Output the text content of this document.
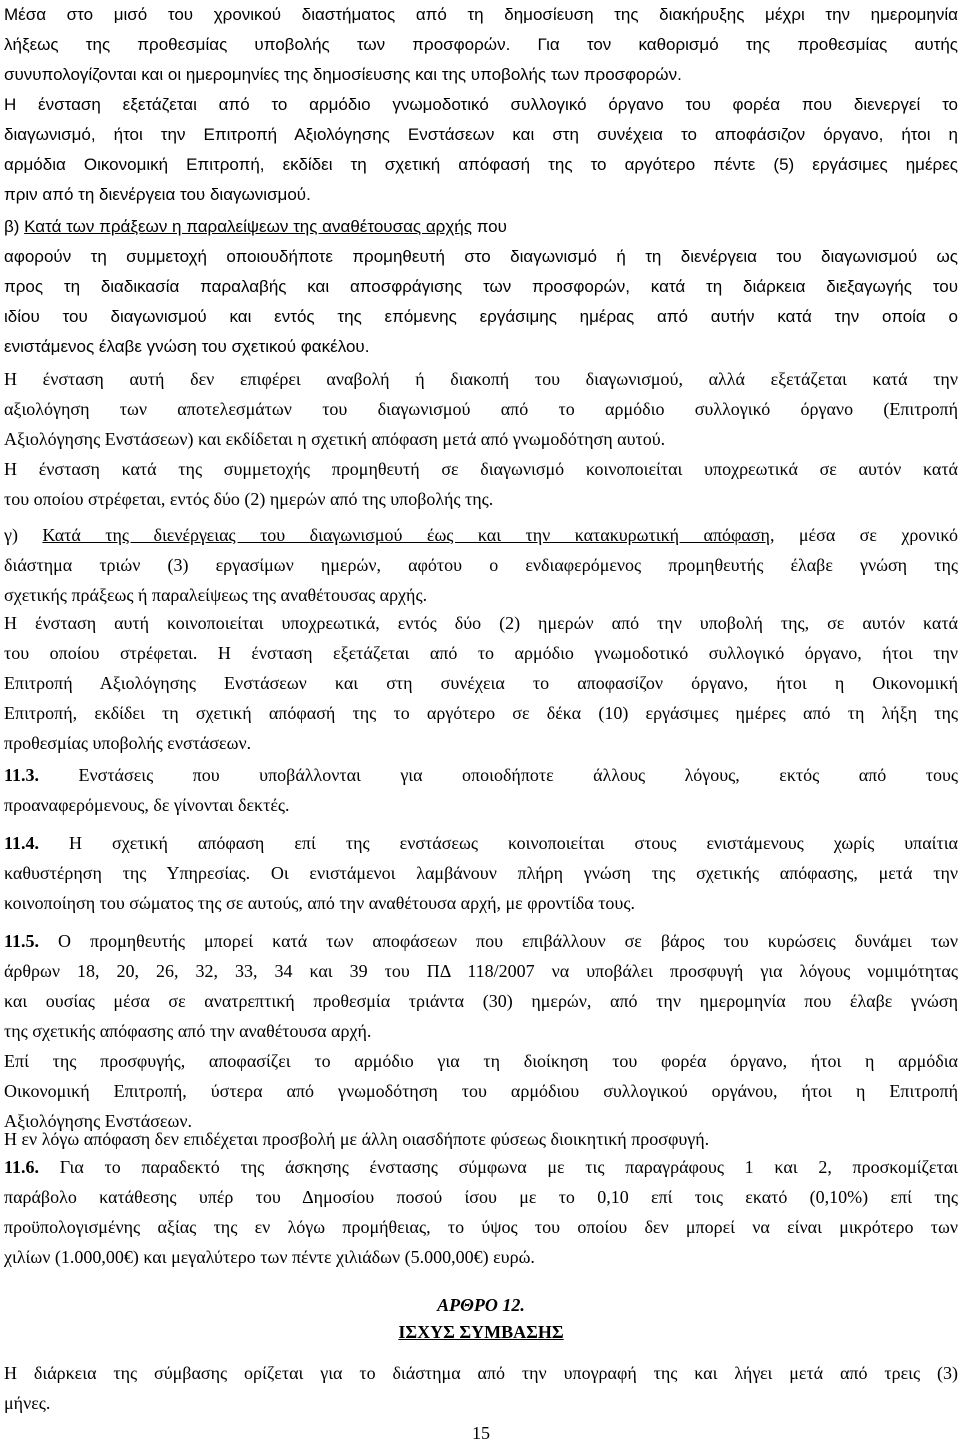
Μέσα στο μισό του χρονικού διαστήματος από τη δημοσίευση της διακήρυξης μέχρι την ημερομηνία
λήξεως της προθεσμίας υποβολής των προσφορών. Για τον καθορισμό της προθεσμίας αυτής
συνυπολογίζονται και οι ημερομηνίες της δημοσίευσης και της υποβολής των προσφορών.
Η ένσταση εξετάζεται από το αρμόδιο γνωμοδοτικό συλλογικό όργανο του φορέα που διενεργεί το
διαγωνισμό, ήτοι την Επιτροπή Αξιολόγησης Ενστάσεων και στη συνέχεια το αποφάσιζον όργανο, ήτοι η
αρμόδια Οικονομική Επιτροπή, εκδίδει τη σχετική απόφασή της το αργότερο πέντε (5) εργάσιμες ημέρες
πριν από τη διενέργεια του διαγωνισμού.
β) Κατά των πράξεων η παραλείψεων της αναθέτουσας αρχής που
αφορούν τη συμμετοχή οποιουδήποτε προμηθευτή στο διαγωνισμό ή τη διενέργεια του διαγωνισμού ως
προς τη διαδικασία παραλαβής και αποσφράγισης των προσφορών, κατά τη διάρκεια διεξαγωγής του
ιδίου του διαγωνισμού και εντός της επόμενης εργάσιμης ημέρας από αυτήν κατά την οποία ο
ενιστάμενος έλαβε γνώση του σχετικού φακέλου.
Η ένσταση αυτή δεν επιφέρει αναβολή ή διακοπή του διαγωνισμού, αλλά εξετάζεται κατά την
αξιολόγηση των αποτελεσμάτων του διαγωνισμού από το αρμόδιο συλλογικό όργανο (Επιτροπή
Αξιολόγησης Ενστάσεων) και εκδίδεται η σχετική απόφαση μετά από γνωμοδότηση αυτού.
Η ένσταση κατά της συμμετοχής προμηθευτή σε διαγωνισμό κοινοποιείται υποχρεωτικά σε αυτόν κατά
του οποίου στρέφεται, εντός δύο (2) ημερών από της υποβολής της.
γ) Κατά της διενέργειας του διαγωνισμού έως και την κατακυρωτική απόφαση, μέσα σε χρονικό
διάστημα τριών (3) εργασίμων ημερών, αφότου ο ενδιαφερόμενος προμηθευτής έλαβε γνώση της
σχετικής πράξεως ή παραλείψεως της αναθέτουσας αρχής.
Η ένσταση αυτή κοινοποιείται υποχρεωτικά, εντός δύο (2) ημερών από την υποβολή της, σε αυτόν κατά
του οποίου στρέφεται. Η ένσταση εξετάζεται από το αρμόδιο γνωμοδοτικό συλλογικό όργανο, ήτοι την
Επιτροπή Αξιολόγησης Ενστάσεων και στη συνέχεια το αποφασίζον όργανο, ήτοι η Οικονομική
Επιτροπή, εκδίδει τη σχετική απόφασή της το αργότερο σε δέκα (10) εργάσιμες ημέρες από τη λήξη της
προθεσμίας υποβολής ενστάσεων.
11.3. Ενστάσεις που υποβάλλονται για οποιοδήποτε άλλους λόγους, εκτός από τους
προαναφερόμενους, δε γίνονται δεκτές.
11.4. Η σχετική απόφαση επί της ενστάσεως κοινοποιείται στους ενιστάμενους χωρίς υπαίτια
καθυστέρηση της Υπηρεσίας. Οι ενιστάμενοι λαμβάνουν πλήρη γνώση της σχετικής απόφασης, μετά την
κοινοποίηση του σώματος της σε αυτούς, από την αναθέτουσα αρχή, με φροντίδα τους.
11.5. Ο προμηθευτής μπορεί κατά των αποφάσεων που επιβάλλουν σε βάρος του κυρώσεις δυνάμει των
άρθρων 18, 20, 26, 32, 33, 34 και 39 του ΠΔ 118/2007 να υποβάλει προσφυγή για λόγους νομιμότητας
και ουσίας μέσα σε ανατρεπτική προθεσμία τριάντα (30) ημερών, από την ημερομηνία που έλαβε γνώση
της σχετικής απόφασης από την αναθέτουσα αρχή.
Επί της προσφυγής, αποφασίζει το αρμόδιο για τη διοίκηση του φορέα όργανο, ήτοι η αρμόδια
Οικονομική Επιτροπή, ύστερα από γνωμοδότηση του αρμόδιου συλλογικού οργάνου, ήτοι η Επιτροπή
Αξιολόγησης Ενστάσεων.
Η εν λόγω απόφαση δεν επιδέχεται προσβολή με άλλη οιασδήποτε φύσεως διοικητική προσφυγή.
11.6. Για το παραδεκτό της άσκησης ένστασης σύμφωνα με τις παραγράφους 1 και 2, προσκομίζεται
παράβολο κατάθεσης υπέρ του Δημοσίου ποσού ίσου με το 0,10 επί τοις εκατό (0,10%) επί της
προϋπολογισμένης αξίας της εν λόγω προμήθειας, το ύψος του οποίου δεν μπορεί να είναι μικρότερο των
χιλίων (1.000,00€) και μεγαλύτερο των πέντε χιλιάδων (5.000,00€) ευρώ.
ΑΡΘΡΟ 12.
ΙΣΧΥΣ ΣΥΜΒΑΣΗΣ
Η διάρκεια της σύμβασης ορίζεται για το διάστημα από την υπογραφή της και λήγει μετά από τρεις (3)
μήνες.
15
